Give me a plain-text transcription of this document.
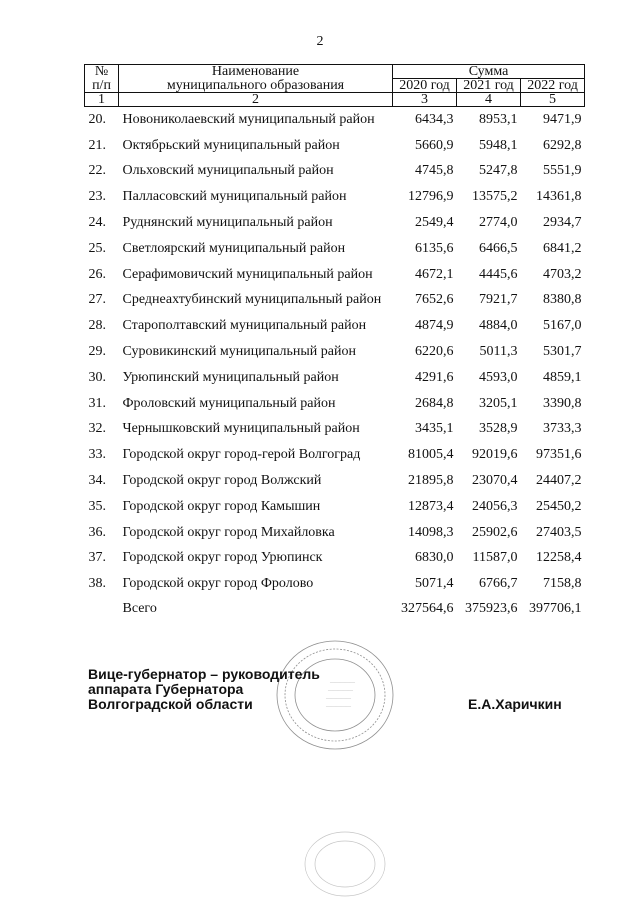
2
№	Наименование	Сумма		
п/п	муниципального образования	2020 год	2021 год	2022 год
1	2	3	4	5
20.	Новониколаевский муниципальный район	6434,3	8953,1	9471,9
21.	Октябрьский муниципальный район	5660,9	5948,1	6292,8
22.	Ольховский муниципальный район	4745,8	5247,8	5551,9
23.	Палласовский муниципальный район	12796,9	13575,2	14361,8
24.	Руднянский муниципальный район	2549,4	2774,0	2934,7
25.	Светлоярский муниципальный район	6135,6	6466,5	6841,2
26.	Серафимовичский муниципальный район	4672,1	4445,6	4703,2
27.	Среднеахтубинский муниципальный район	7652,6	7921,7	8380,8
28.	Старополтавский муниципальный район	4874,9	4884,0	5167,0
29.	Суровикинский муниципальный район	6220,6	5011,3	5301,7
30.	Урюпинский муниципальный район	4291,6	4593,0	4859,1
31.	Фроловский муниципальный район	2684,8	3205,1	3390,8
32.	Чернышковский муниципальный район	3435,1	3528,9	3733,3
33.	Городской округ город-герой Волгоград	81005,4	92019,6	97351,6
34.	Городской округ город Волжский	21895,8	23070,4	24407,2
35.	Городской округ город Камышин	12873,4	24056,3	25450,2
36.	Городской округ город Михайловка	14098,3	25902,6	27403,5
37.	Городской округ город Урюпинск	6830,0	11587,0	12258,4
38.	Городской округ город Фролово	5071,4	6766,7	7158,8
	Всего	327564,6	375923,6	397706,1
—————
—————
—————
—————
Вице-губернатор – руководитель
аппарата Губернатора
Волгоградской области	Е.А.Харичкин
